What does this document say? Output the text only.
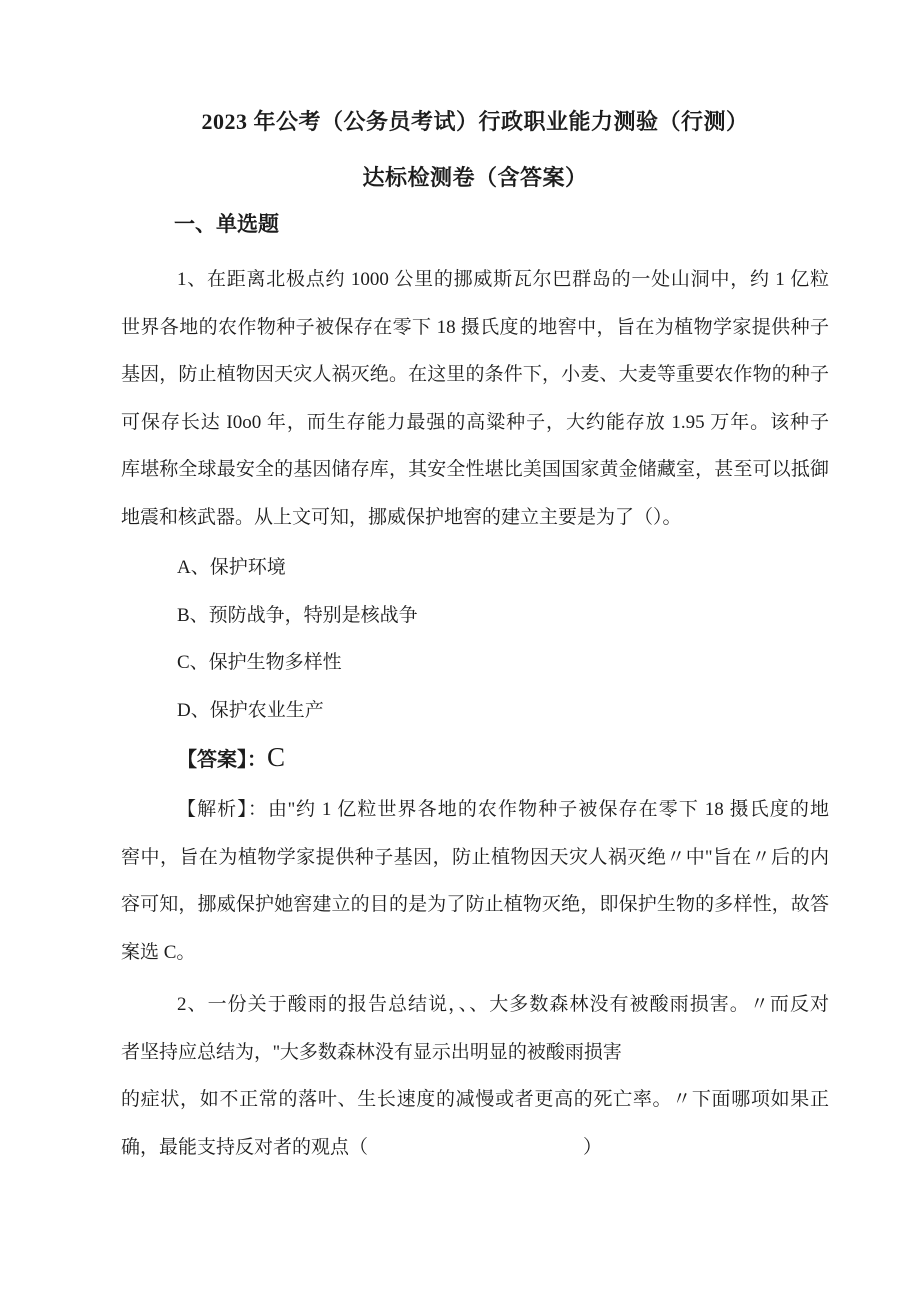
2023 年公考（公务员考试）行政职业能力测验（行测）
达标检测卷（含答案）
一、单选题
1、在距离北极点约 1000 公里的挪威斯瓦尔巴群岛的一处山洞中，约 1 亿粒
世界各地的农作物种子被保存在零下 18 摄氏度的地窖中，旨在为植物学家提供种子
基因，防止植物因天灾人祸灭绝。在这里的条件下，小麦、大麦等重要农作物的种子
可保存长达 I0o0 年，而生存能力最强的高粱种子，大约能存放 1.95 万年。该种子
库堪称全球最安全的基因储存库，其安全性堪比美国国家黄金储藏室，甚至可以抵御
地震和核武器。从上文可知，挪威保护地窖的建立主要是为了（）。
A、保护环境
B、预防战争，特别是核战争
C、保护生物多样性
D、保护农业生产
【答案】：C
【解析】：由''约 1 亿粒世界各地的农作物种子被保存在零下 18 摄氏度的地
窖中，旨在为植物学家提供种子基因，防止植物因天灾人祸灭绝〃中''旨在〃后的内
容可知，挪威保护她窖建立的目的是为了防止植物灭绝，即保护生物的多样性，故答
案选 C。
2、一份关于酸雨的报告总结说，、、大多数森林没有被酸雨损害。〃而反对
者坚持应总结为，''大多数森林没有显示出明显的被酸雨损害
的症状，如不正常的落叶、生长速度的减慢或者更高的死亡率。〃下面哪项如果正
确，最能支持反对者的观点（	）
